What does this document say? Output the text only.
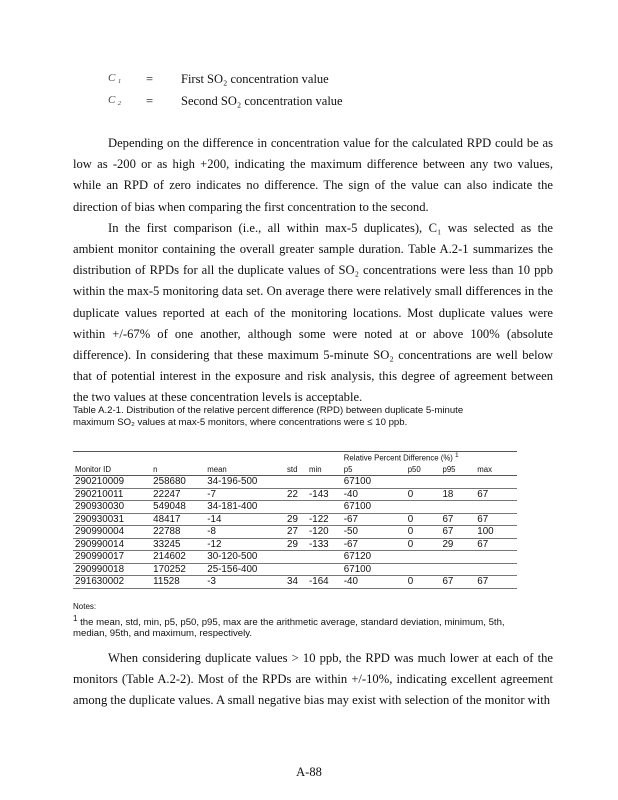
C₁ = First SO₂ concentration value
C₂ = Second SO₂ concentration value

Depending on the difference in concentration value for the calculated RPD could be as low as -200 or as high +200, indicating the maximum difference between any two values, while an RPD of zero indicates no difference. The sign of the value can also indicate the direction of bias when comparing the first concentration to the second.

In the first comparison (i.e., all within max-5 duplicates), C₁ was selected as the ambient monitor containing the overall greater sample duration. Table A.2-1 summarizes the distribution of RPDs for all the duplicate values of SO₂ concentrations were less than 10 ppb within the max-5 monitoring data set. On average there were relatively small differences in the duplicate values reported at each of the monitoring locations. Most duplicate values were within +/-67% of one another, although some were noted at or above 100% (absolute difference). In considering that these maximum 5-minute SO₂ concentrations are well below that of potential interest in the exposure and risk analysis, this degree of agreement between the two values at these concentration levels is acceptable.

Table A.2-1. Distribution of the relative percent difference (RPD) between duplicate 5-minute maximum SO₂ values at max-5 monitors, where concentrations were ≤ 10 ppb.
					Relative Percent Difference (%) $^1$
Monitor ID	n	mean	std	min	p5	p50	p95	max
290210009	258680	34-196-500			67100			
290210011	22247	-7	22	-143	-40	0	18	67
290930030	549048	34-181-400			67100			
290930031	48417	-14	29	-122	-67	0	67	67
290990004	22788	-8	27	-120	-50	0	67	100
290990014	33245	-12	29	-133	-67	0	29	67
290990017	214602	30-120-500			67120			
290990018	170252	25-156-400			67100			
291630002	11528	-3	34	-164	-40	0	67	67
Notes:
$^1$ the mean, std, min, p5, p50, p95, max are the arithmetic average, standard deviation, minimum, 5th, median, 95th, and maximum, respectively.

When considering duplicate values > 10 ppb, the RPD was much lower at each of the monitors (Table A.2-2). Most of the RPDs are within +/-10%, indicating excellent agreement among the duplicate values. A small negative bias may exist with selection of the monitor with

A-88
